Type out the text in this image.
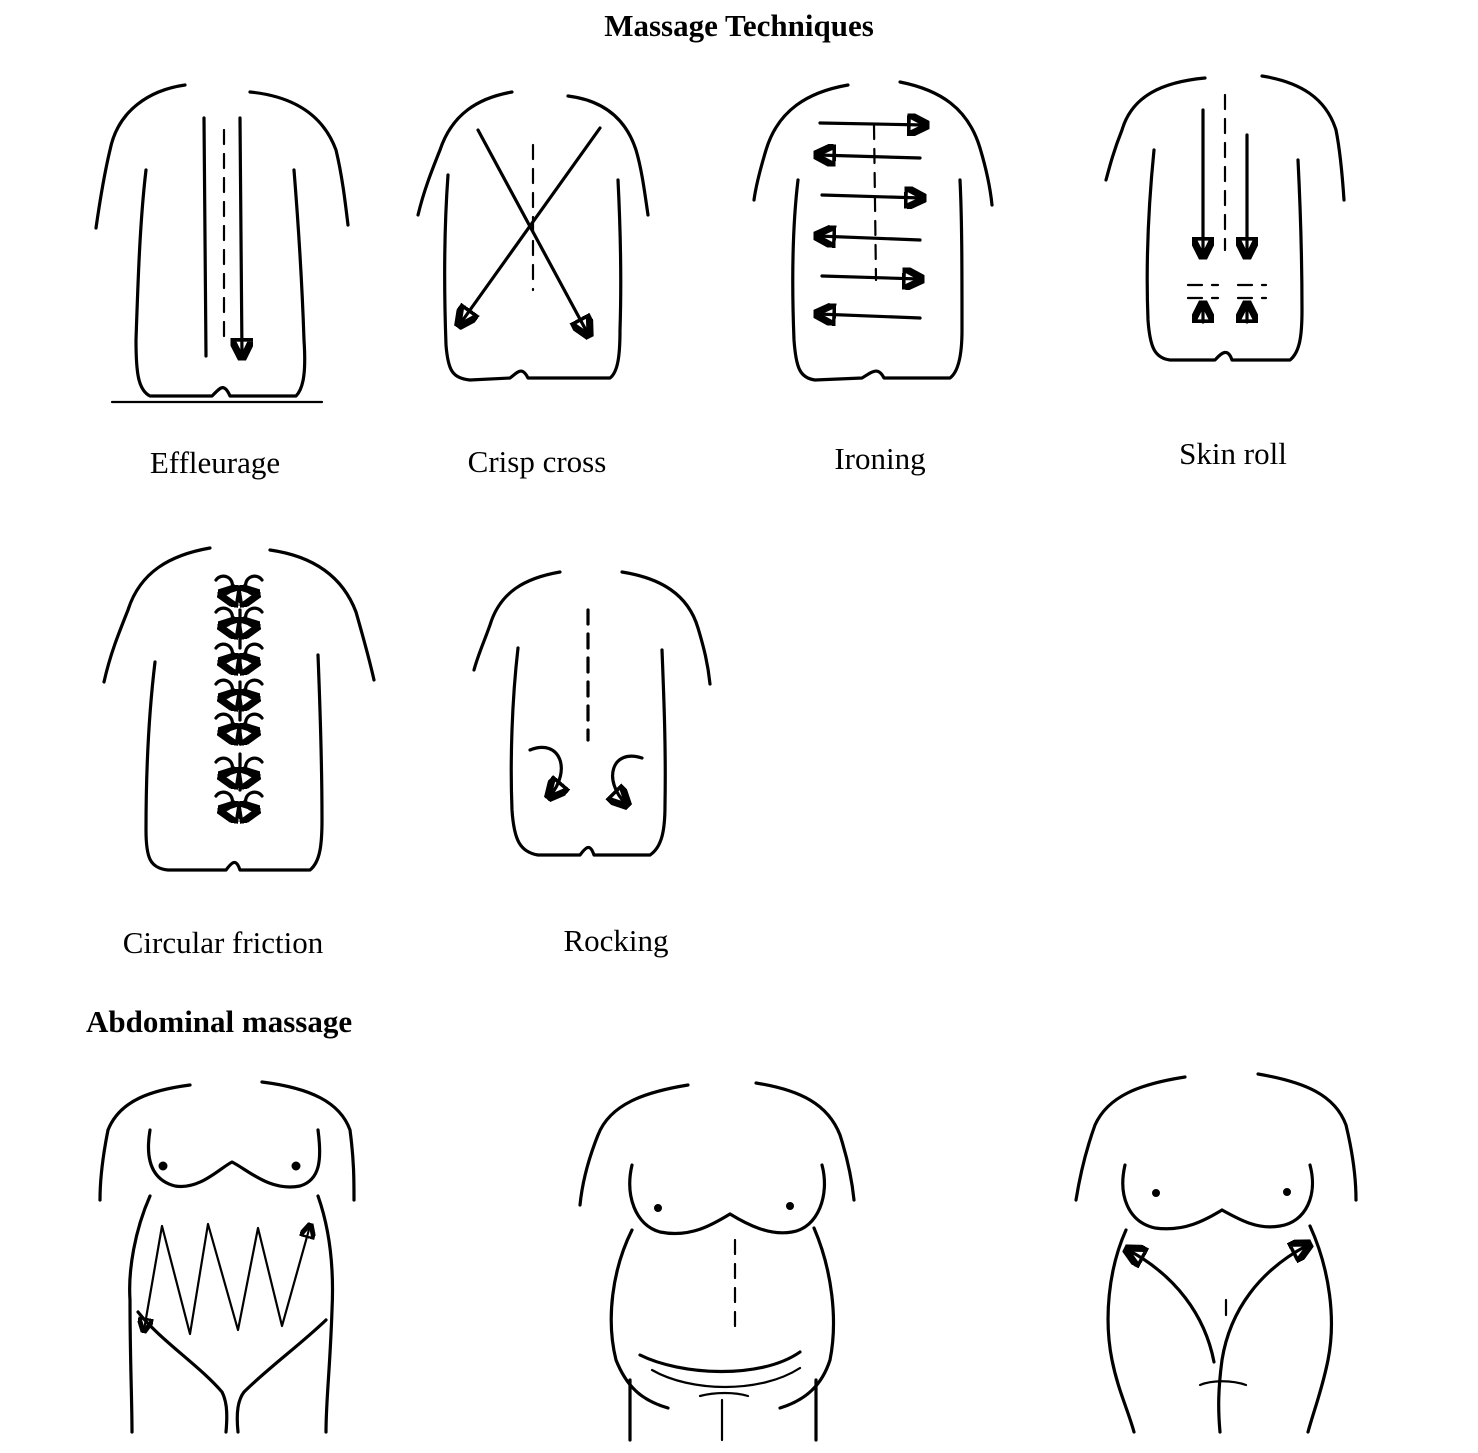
Massage Techniques
Effleurage	Crisp cross	Ironing	Skin roll
Circular friction	Rocking
Abdominal massage
